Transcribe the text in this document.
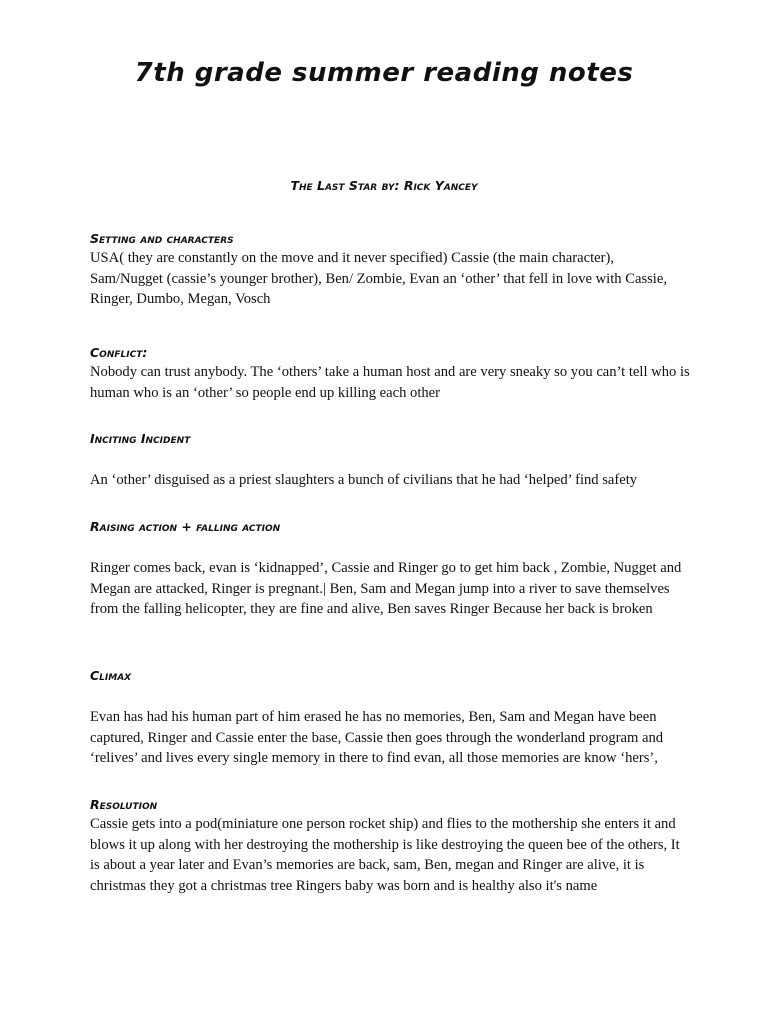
7th grade summer reading notes
The Last Star by: Rick Yancey
Setting and characters

USA( they are constantly on the move and it never specified) Cassie (the main character), Sam/Nugget (cassie’s younger brother), Ben/ Zombie, Evan an ‘other’ that fell in love with Cassie, Ringer, Dumbo, Megan, Vosch

Conflict:

Nobody can trust anybody. The ‘others’ take a human host and are very sneaky so you can’t tell who is human who is an ‘other’ so people end up killing each other

Inciting Incident

An ‘other’ disguised as a priest slaughters a bunch of civilians that he had ‘helped’ find safety

Raising action + falling action

Ringer comes back, evan is ‘kidnapped’, Cassie and Ringer go to get him back , Zombie, Nugget and Megan are attacked, Ringer is pregnant.| Ben, Sam and Megan jump into a river to save themselves from the falling helicopter, they are fine and alive, Ben saves Ringer Because her back is broken

Climax

Evan has had his human part of him erased he has no memories, Ben, Sam and Megan have been captured, Ringer and Cassie enter the base, Cassie then goes through the wonderland program and ‘relives’ and lives every single memory in there to find evan, all those memories are know ‘hers’,

Resolution

Cassie gets into a pod(miniature one person rocket ship) and flies to the mothership she enters it and blows it up along with her destroying the mothership is like destroying the queen bee of the others, It is about a year later and Evan’s memories are back, sam, Ben, megan and Ringer are alive, it is christmas they got a christmas tree Ringers baby was born and is healthy also it's name
